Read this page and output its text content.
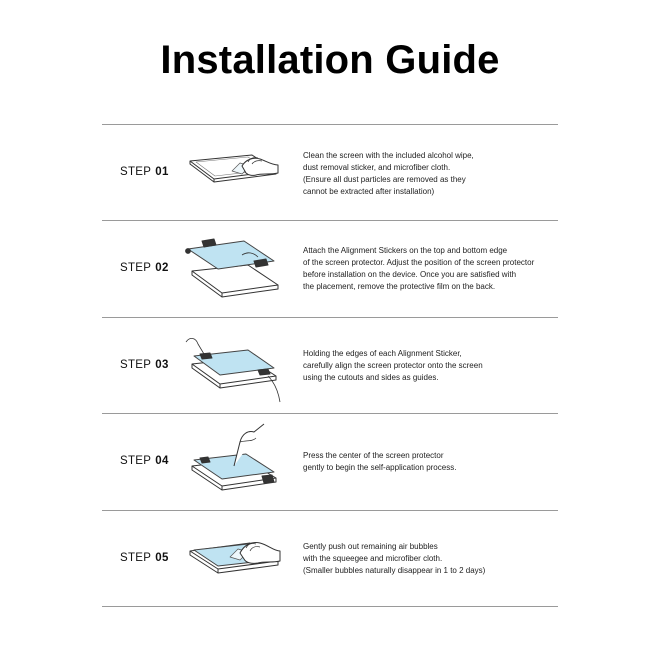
Installation Guide
STEP 01
Clean the screen with the included alcohol wipe,
dust removal sticker, and microfiber cloth.
(Ensure all dust particles are removed as they
cannot be extracted after installation)
STEP 02
Attach the Alignment Stickers on the top and bottom edge
of the screen protector. Adjust the position of the screen protector
before installation on the device. Once you are satisfied with
the placement, remove the protective film on the back.
STEP 03
Holding the edges of each Alignment Sticker,
carefully align the screen protector onto the screen
using the cutouts and sides as guides.
STEP 04	Press the center of the screen protector
gently to begin the self-application process.
STEP 05
Gently push out remaining air bubbles
with the squeegee and microfiber cloth.
(Smaller bubbles naturally disappear in 1 to 2 days)
